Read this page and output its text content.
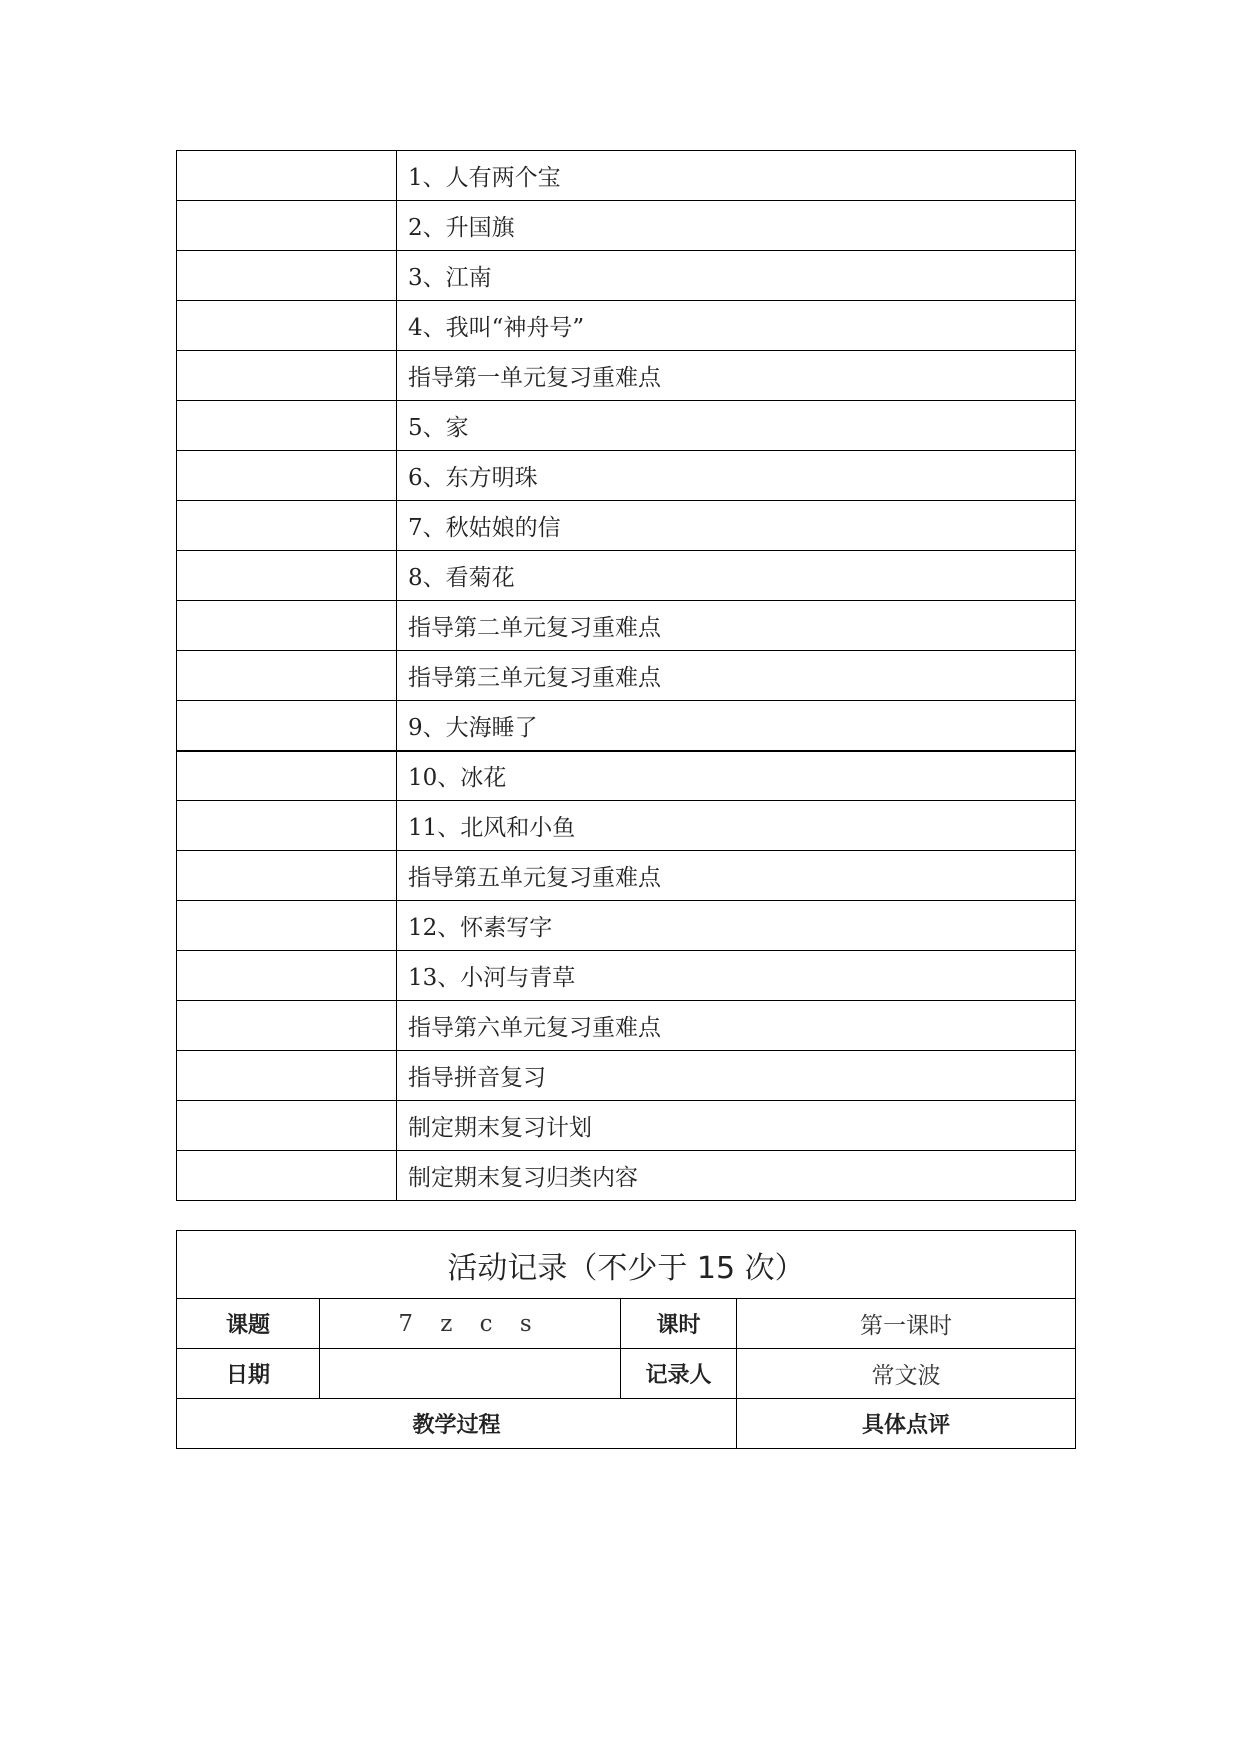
	1、人有两个宝
	2、升国旗
	3、江南
	4、我叫“神舟号”
	指导第一单元复习重难点
	5、家
	6、东方明珠
	7、秋姑娘的信
	8、看菊花
	指导第二单元复习重难点
	指导第三单元复习重难点
	9、大海睡了
	10、冰花
	11、北风和小鱼
	指导第五单元复习重难点
	12、怀素写字
	13、小河与青草
	指导第六单元复习重难点
	指导拼音复习
	制定期末复习计划
	制定期末复习归类内容
活动记录（不少于 15 次）			
课题	7 z c s	课时	第一课时
日期		记录人	常文波
教学过程			具体点评
